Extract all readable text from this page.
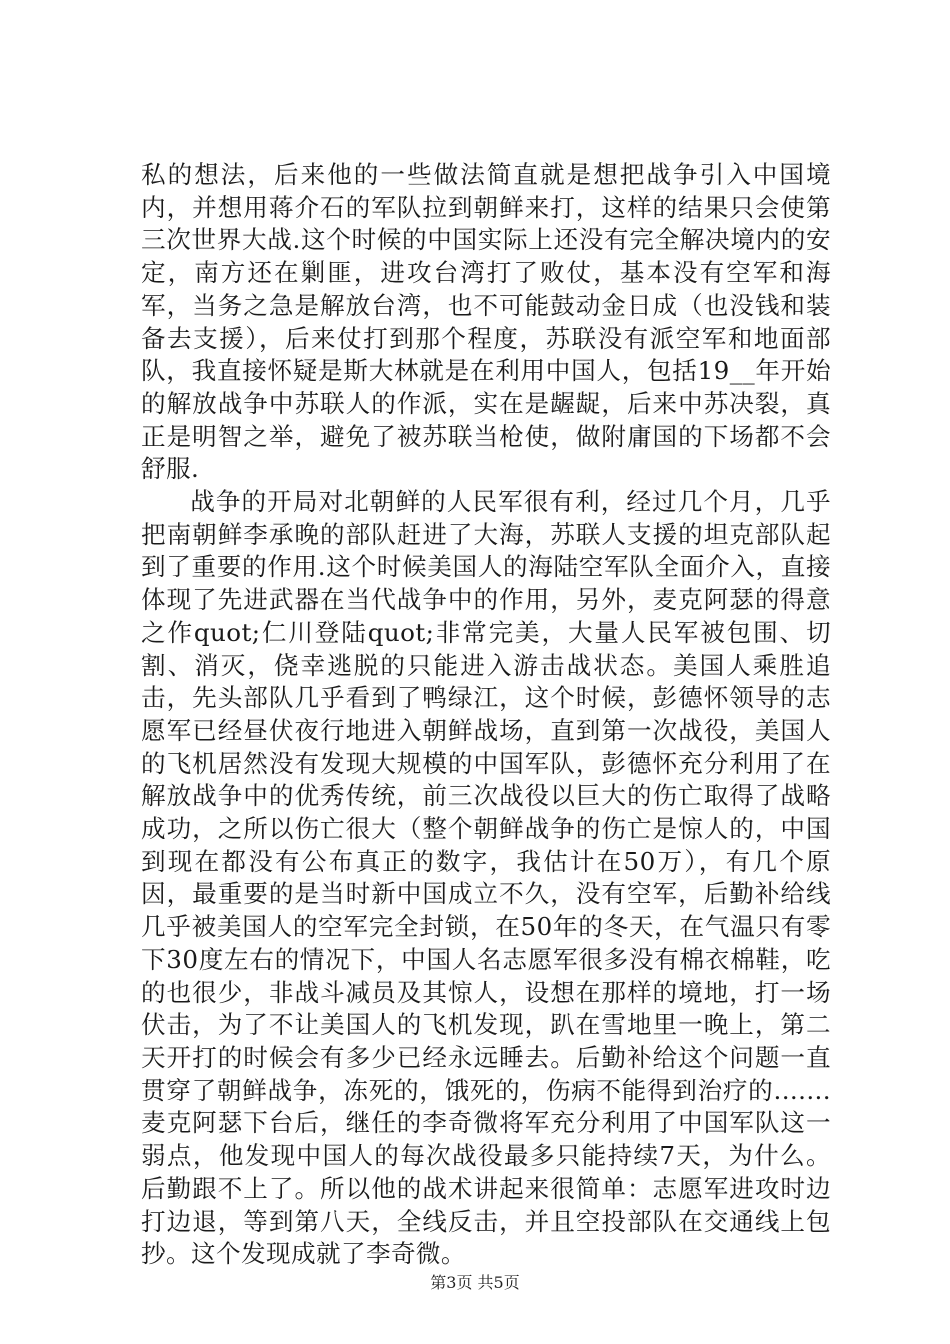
私的想法，后来他的一些做法简直就是想把战争引入中国境内，并想用蒋介石的军队拉到朝鲜来打，这样的结果只会使第三次世界大战.这个时候的中国实际上还没有完全解决境内的安定，南方还在剿匪，进攻台湾打了败仗，基本没有空军和海军，当务之急是解放台湾，也不可能鼓动金日成（也没钱和装备去支援），后来仗打到那个程度，苏联没有派空军和地面部队，我直接怀疑是斯大林就是在利用中国人，包括19__年开始的解放战争中苏联人的作派，实在是龌龊，后来中苏决裂，真正是明智之举，避免了被苏联当枪使，做附庸国的下场都不会舒服.

战争的开局对北朝鲜的人民军很有利，经过几个月，几乎把南朝鲜李承晚的部队赶进了大海，苏联人支援的坦克部队起到了重要的作用.这个时候美国人的海陆空军队全面介入，直接体现了先进武器在当代战争中的作用，另外，麦克阿瑟的得意之作quot;仁川登陆quot;非常完美，大量人民军被包围、切割、消灭，侥幸逃脱的只能进入游击战状态。美国人乘胜追击，先头部队几乎看到了鸭绿江，这个时候，彭德怀领导的志愿军已经昼伏夜行地进入朝鲜战场，直到第一次战役，美国人的飞机居然没有发现大规模的中国军队，彭德怀充分利用了在解放战争中的优秀传统，前三次战役以巨大的伤亡取得了战略成功，之所以伤亡很大（整个朝鲜战争的伤亡是惊人的，中国到现在都没有公布真正的数字，我估计在50万），有几个原因，最重要的是当时新中国成立不久，没有空军，后勤补给线几乎被美国人的空军完全封锁，在50年的冬天，在气温只有零下30度左右的情况下，中国人名志愿军很多没有棉衣棉鞋，吃的也很少，非战斗减员及其惊人，设想在那样的境地，打一场伏击，为了不让美国人的飞机发现，趴在雪地里一晚上，第二天开打的时候会有多少已经永远睡去。后勤补给这个问题一直贯穿了朝鲜战争，冻死的，饿死的，伤病不能得到治疗的.......麦克阿瑟下台后，继任的李奇微将军充分利用了中国军队这一弱点，他发现中国人的每次战役最多只能持续7天，为什么。后勤跟不上了。所以他的战术讲起来很简单：志愿军进攻时边打边退，等到第八天，全线反击，并且空投部队在交通线上包抄。这个发现成就了李奇微。

第3页 共5页
